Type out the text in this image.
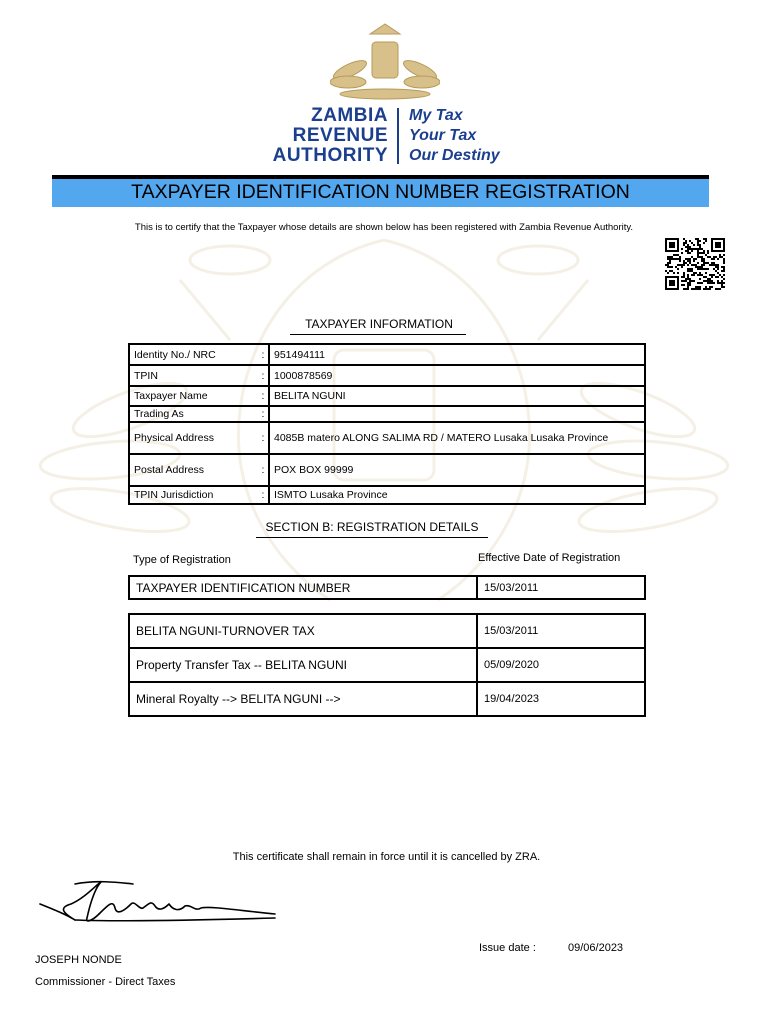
ZAMBIA
REVENUE
AUTHORITY
My Tax
Your Tax
Our Destiny
TAXPAYER IDENTIFICATION NUMBER REGISTRATION
This is to certify that the Taxpayer whose details are shown below has been registered with Zambia Revenue Authority.
TAXPAYER INFORMATION
Identity No./ NRC	:	951494111
TPIN	:	1000878569
Taxpayer Name	:	BELITA NGUNI
Trading As	:	
Physical Address	:	4085B matero ALONG SALIMA RD / MATERO Lusaka Lusaka Province
Postal Address	:	POX BOX 99999
TPIN Jurisdiction	:	ISMTO Lusaka Province
SECTION B: REGISTRATION DETAILS
Type of Registration	Effective Date of Registration
TAXPAYER IDENTIFICATION NUMBER	15/03/2011
BELITA NGUNI-TURNOVER TAX	15/03/2011
Property Transfer Tax -- BELITA NGUNI	05/09/2020
Mineral Royalty --> BELITA NGUNI -->	19/04/2023
This certificate shall remain in force until it is cancelled by ZRA.
Issue date :	09/06/2023
JOSEPH NONDE
Commissioner - Direct Taxes
